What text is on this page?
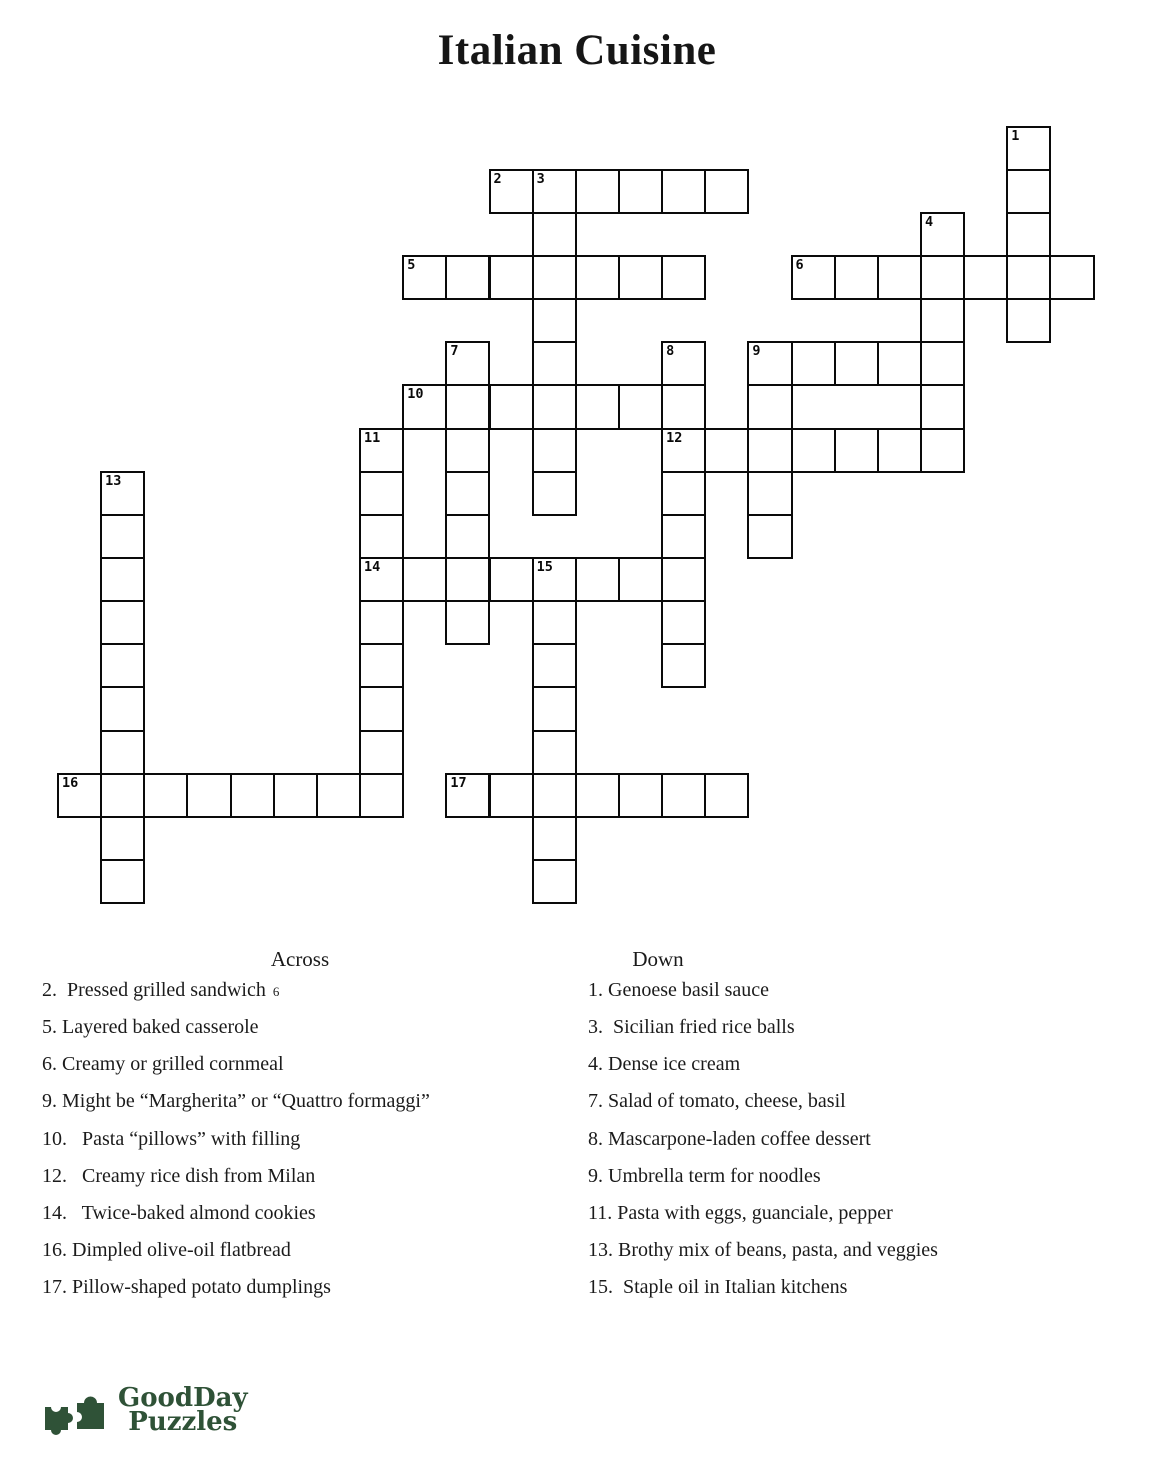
Italian Cuisine
1
2	3
4
5	6
7	8	9
10
11	12
13
14	15
16	17
Across
2.  Pressed grilled sandwich 6
5. Layered baked casserole
6. Creamy or grilled cornmeal
9. Might be “Margherita” or “Quattro formaggi”
10.   Pasta “pillows” with filling
12.   Creamy rice dish from Milan
14.   Twice-baked almond cookies
16. Dimpled olive-oil flatbread
17. Pillow-shaped potato dumplings
Down
1. Genoese basil sauce
3.  Sicilian fried rice balls
4. Dense ice cream
7. Salad of tomato, cheese, basil
8. Mascarpone-laden coffee dessert
9. Umbrella term for noodles
11. Pasta with eggs, guanciale, pepper
13. Brothy mix of beans, pasta, and veggies
15.  Staple oil in Italian kitchens
GoodDay
Puzzles
